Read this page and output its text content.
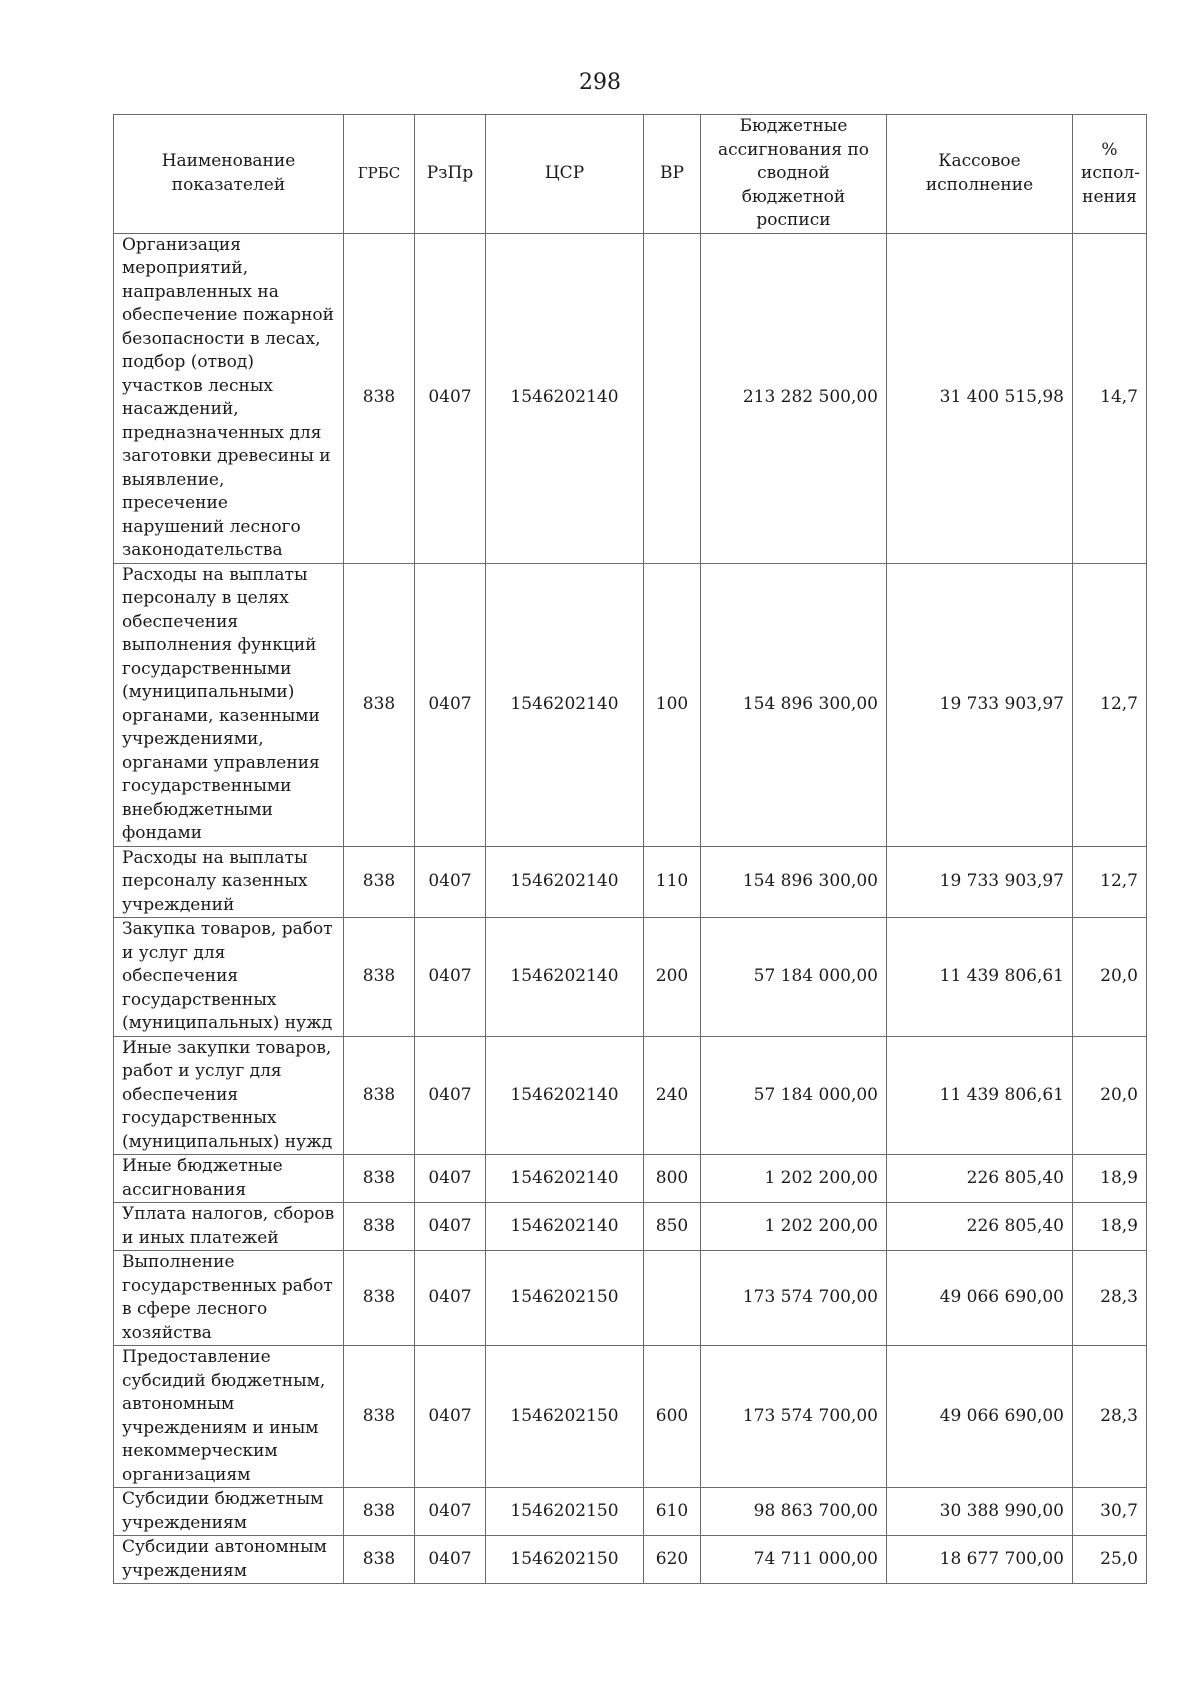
298
Наименование показателей	ГРБС	РзПр	ЦСР	ВР	Бюджетные ассигнования по сводной бюджетной росписи	Кассовое исполнение	% испол-нения
Организация мероприятий, направленных на обеспечение пожарной безопасности в лесах, подбор (отвод) участков лесных насаждений, предназначенных для заготовки древесины и выявление, пресечение нарушений лесного законодательства	838	0407	1546202140		213 282 500,00	31 400 515,98	14,7
Расходы на выплаты персоналу в целях обеспечения выполнения функций государственными (муниципальными) органами, казенными учреждениями, органами управления государственными внебюджетными фондами	838	0407	1546202140	100	154 896 300,00	19 733 903,97	12,7
Расходы на выплаты персоналу казенных учреждений	838	0407	1546202140	110	154 896 300,00	19 733 903,97	12,7
Закупка товаров, работ и услуг для обеспечения государственных (муниципальных) нужд	838	0407	1546202140	200	57 184 000,00	11 439 806,61	20,0
Иные закупки товаров, работ и услуг для обеспечения государственных (муниципальных) нужд	838	0407	1546202140	240	57 184 000,00	11 439 806,61	20,0
Иные бюджетные ассигнования	838	0407	1546202140	800	1 202 200,00	226 805,40	18,9
Уплата налогов, сборов и иных платежей	838	0407	1546202140	850	1 202 200,00	226 805,40	18,9
Выполнение государственных работ в сфере лесного хозяйства	838	0407	1546202150		173 574 700,00	49 066 690,00	28,3
Предоставление субсидий бюджетным, автономным учреждениям и иным некоммерческим организациям	838	0407	1546202150	600	173 574 700,00	49 066 690,00	28,3
Субсидии бюджетным учреждениям	838	0407	1546202150	610	98 863 700,00	30 388 990,00	30,7
Субсидии автономным учреждениям	838	0407	1546202150	620	74 711 000,00	18 677 700,00	25,0
